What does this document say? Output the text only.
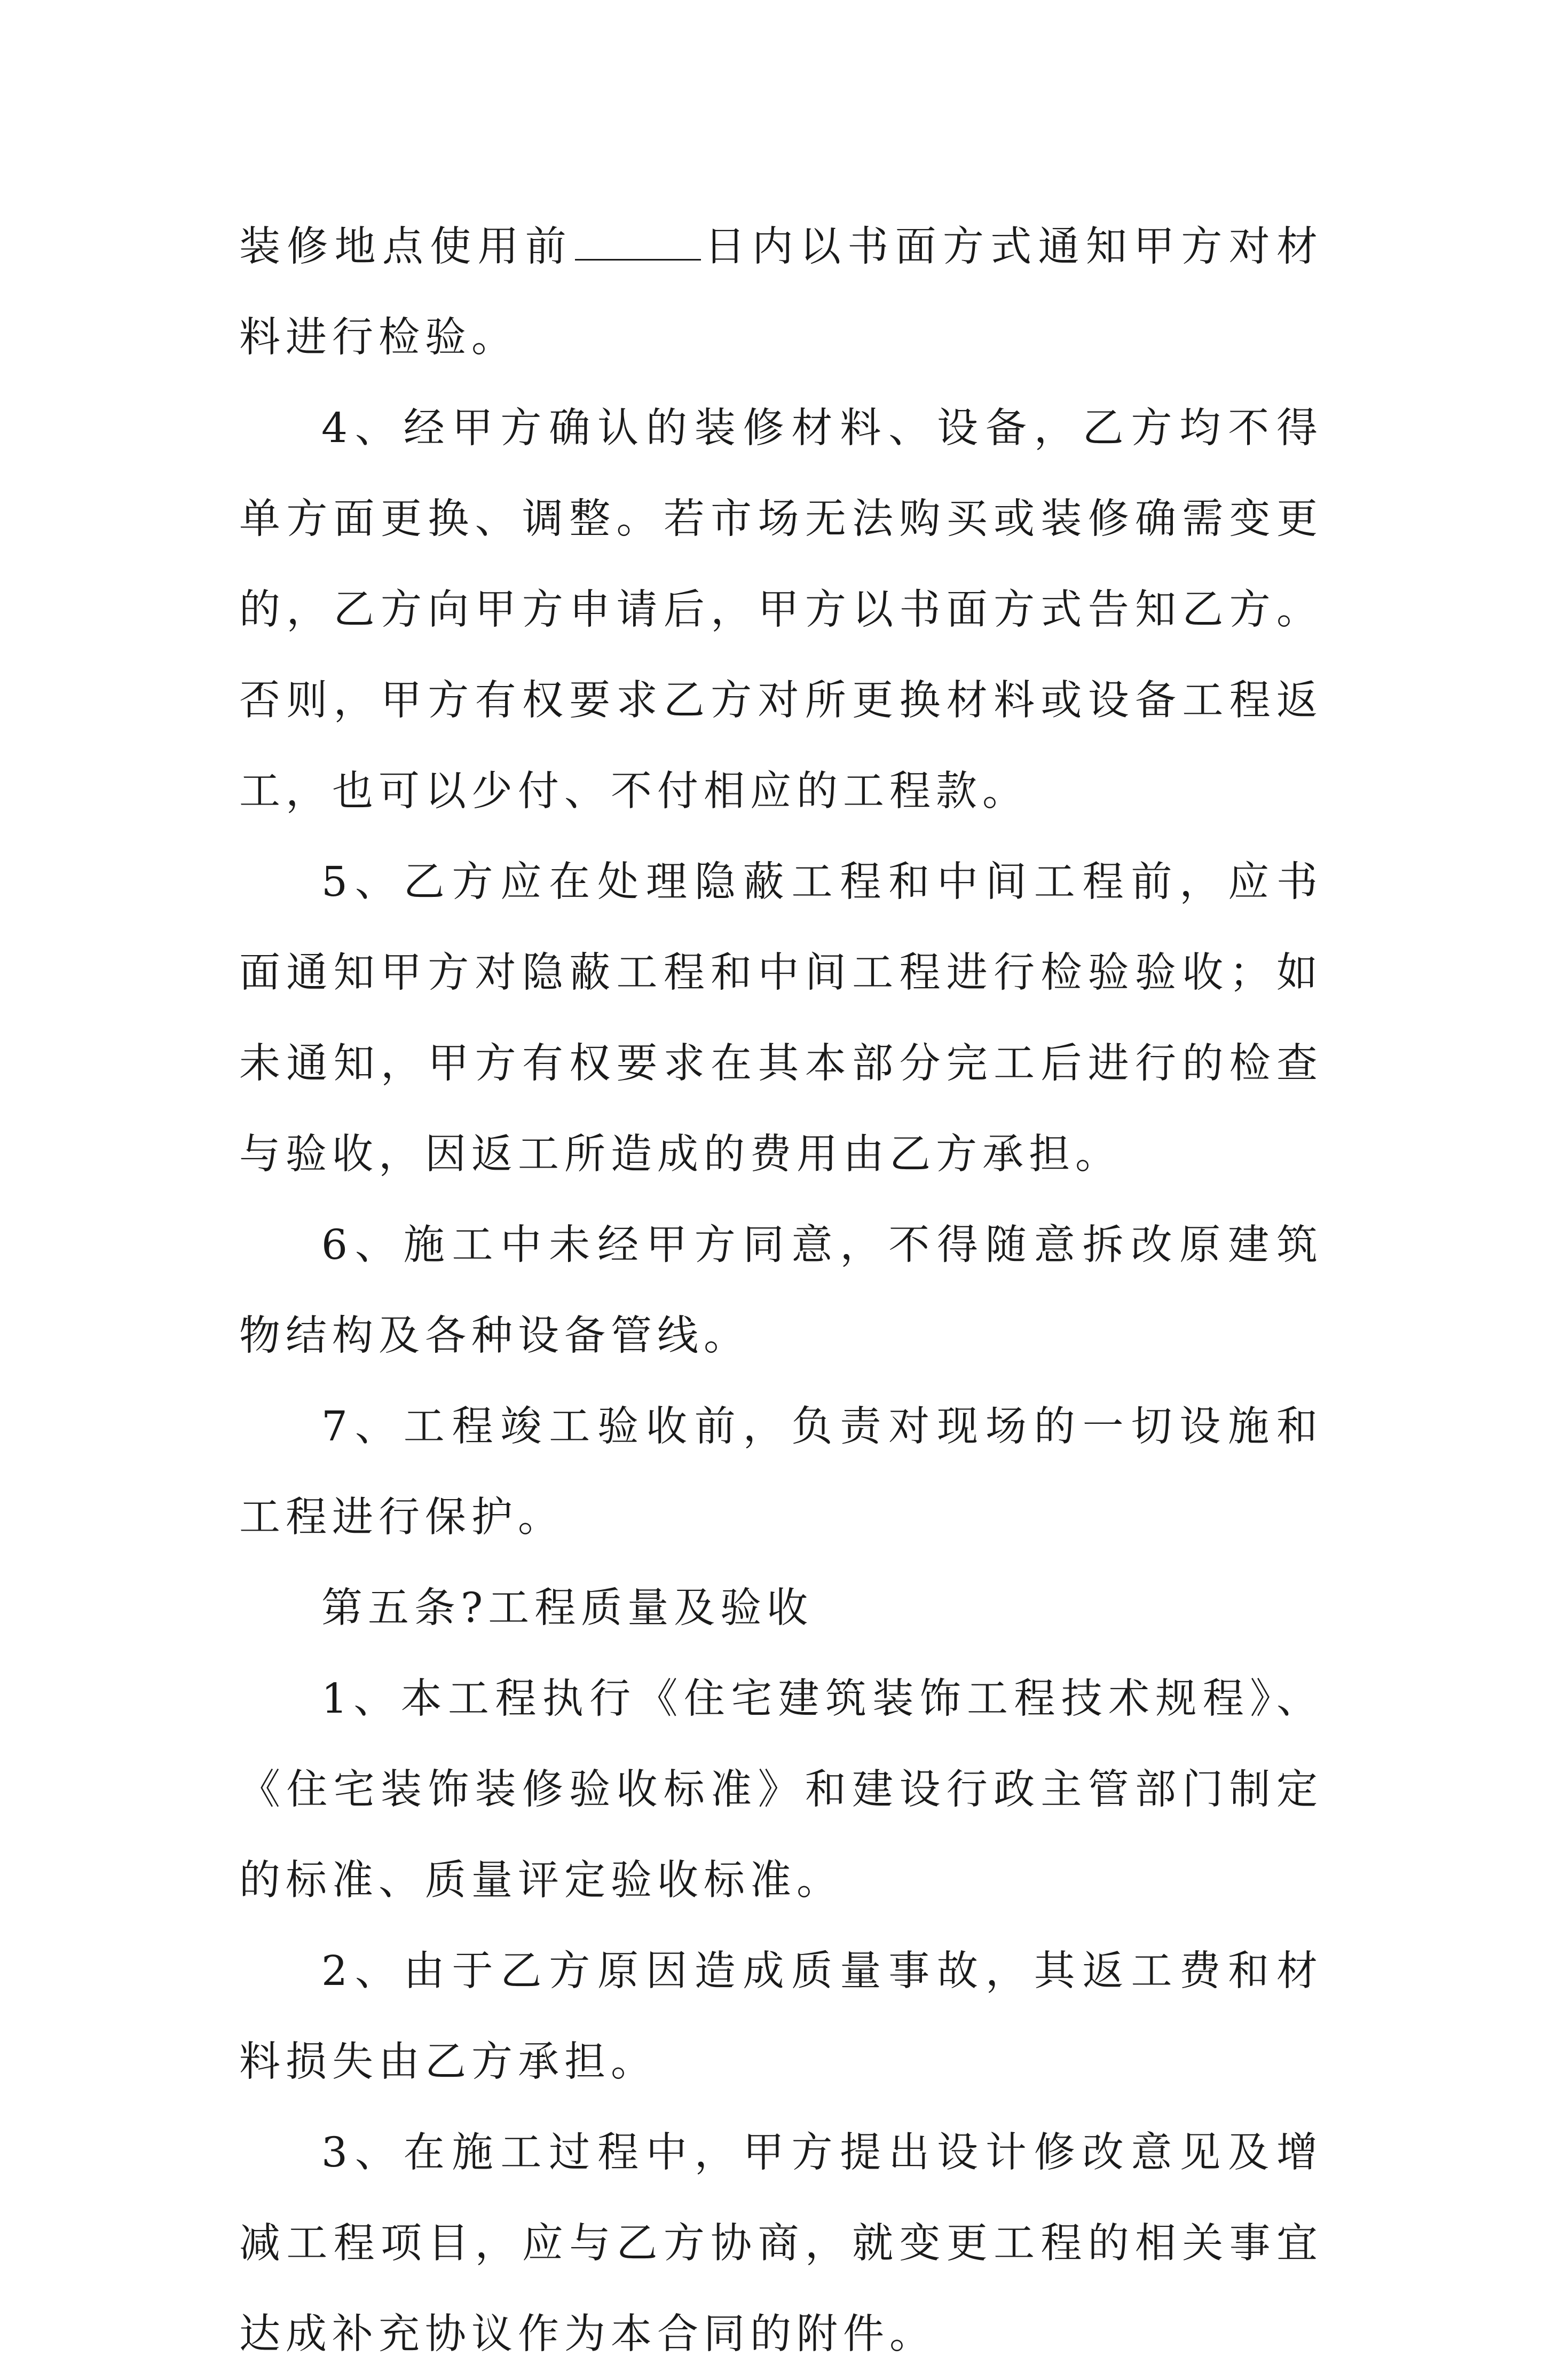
装修地点使用前	日内以书面方式通知甲方对材料进行检验。

4、经甲方确认的装修材料、设备，乙方均不得单方面更换、调整。若市场无法购买或装修确需变更的，乙方向甲方申请后，甲方以书面方式告知乙方。否则，甲方有权要求乙方对所更换材料或设备工程返工，也可以少付、不付相应的工程款。

5、乙方应在处理隐蔽工程和中间工程前，应书面通知甲方对隐蔽工程和中间工程进行检验验收；如未通知，甲方有权要求在其本部分完工后进行的检查与验收，因返工所造成的费用由乙方承担。

6、施工中未经甲方同意，不得随意拆改原建筑物结构及各种设备管线。

7、工程竣工验收前，负责对现场的一切设施和工程进行保护。

第五条?工程质量及验收

1、本工程执行《住宅建筑装饰工程技术规程》、《住宅装饰装修验收标准》和建设行政主管部门制定的标准、质量评定验收标准。

2、由于乙方原因造成质量事故，其返工费和材料损失由乙方承担。

3、在施工过程中，甲方提出设计修改意见及增减工程项目，应与乙方协商，就变更工程的相关事宜达成补充协议作为本合同的附件。
